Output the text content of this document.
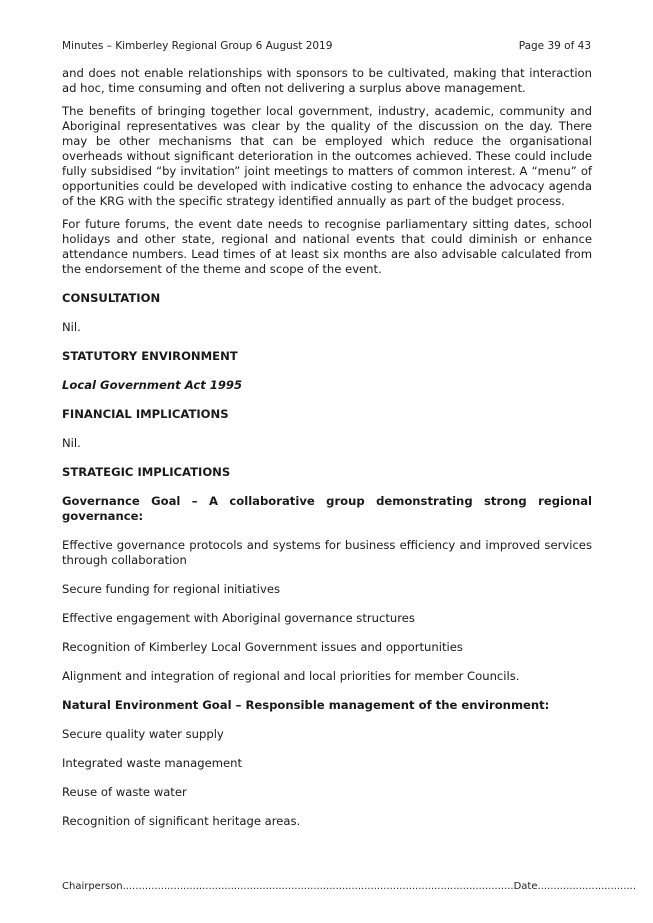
Minutes – Kimberley Regional Group 6 August 2019	Page 39 of 43

and does not enable relationships with sponsors to be cultivated, making that interaction ad hoc, time consuming and often not delivering a surplus above management.

The benefits of bringing together local government, industry, academic, community and Aboriginal representatives was clear by the quality of the discussion on the day. There may be other mechanisms that can be employed which reduce the organisational overheads without significant deterioration in the outcomes achieved. These could include fully subsidised “by invitation” joint meetings to matters of common interest. A “menu” of opportunities could be developed with indicative costing to enhance the advocacy agenda of the KRG with the specific strategy identified annually as part of the budget process.

For future forums, the event date needs to recognise parliamentary sitting dates, school holidays and other state, regional and national events that could diminish or enhance attendance numbers. Lead times of at least six months are also advisable calculated from the endorsement of the theme and scope of the event.

CONSULTATION

Nil.

STATUTORY ENVIRONMENT

Local Government Act 1995

FINANCIAL IMPLICATIONS

Nil.

STRATEGIC IMPLICATIONS

Governance Goal – A collaborative group demonstrating strong regional governance:

Effective governance protocols and systems for business efficiency and improved services through collaboration

Secure funding for regional initiatives

Effective engagement with Aboriginal governance structures

Recognition of Kimberley Local Government issues and opportunities

Alignment and integration of regional and local priorities for member Councils.

Natural Environment Goal – Responsible management of the environment:

Secure quality water supply

Integrated waste management

Reuse of waste water

Recognition of significant heritage areas.

Chairperson...........................................................................................................................Date...............................
